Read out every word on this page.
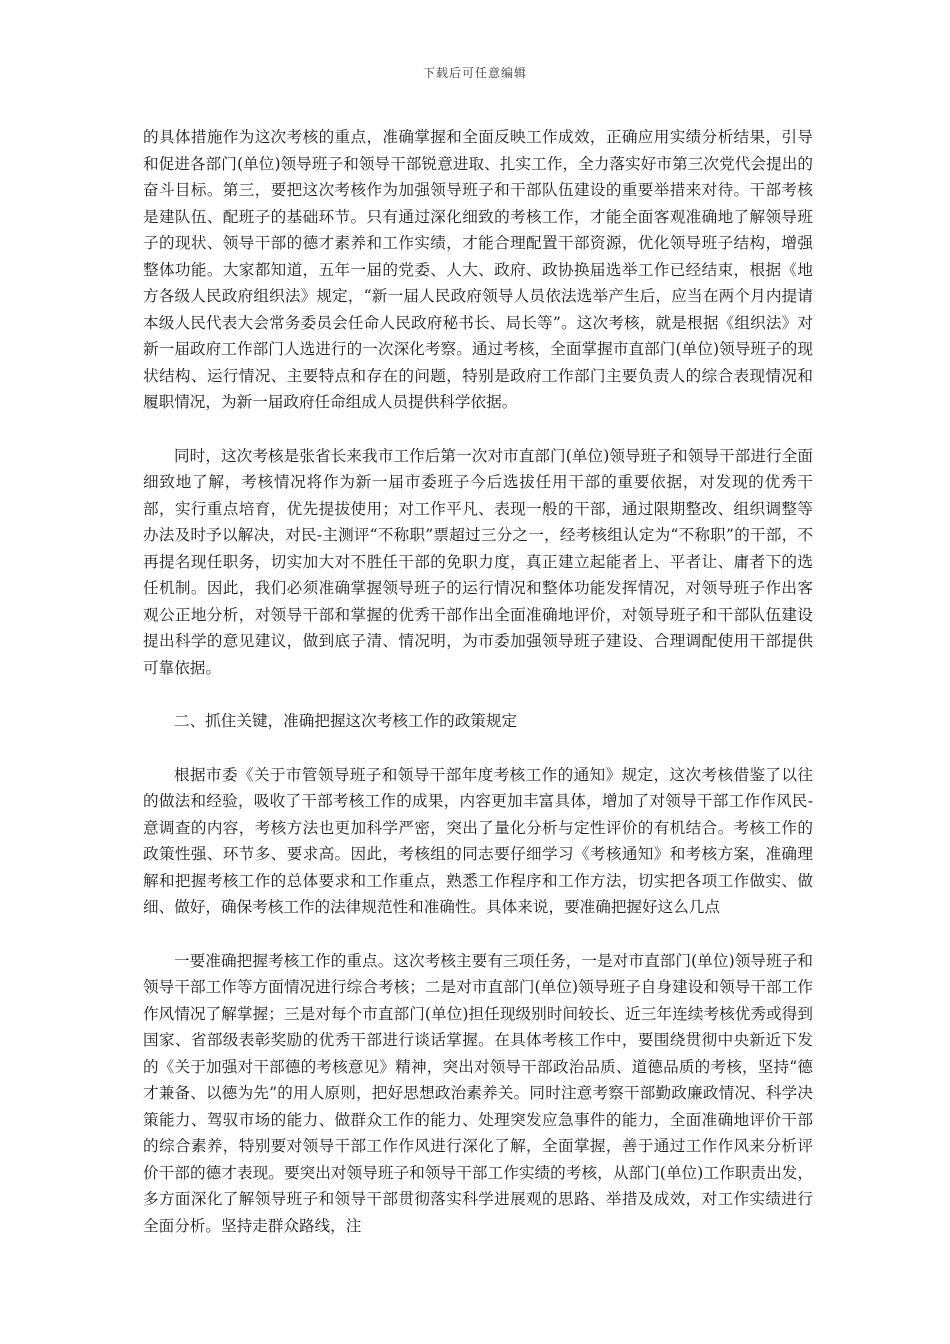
下载后可任意编辑

的具体措施作为这次考核的重点，准确掌握和全面反映工作成效，正确应用实绩分析结果，引导和促进各部门(单位)领导班子和领导干部锐意进取、扎实工作，全力落实好市第三次党代会提出的奋斗目标。第三，要把这次考核作为加强领导班子和干部队伍建设的重要举措来对待。干部考核是建队伍、配班子的基础环节。只有通过深化细致的考核工作，才能全面客观准确地了解领导班子的现状、领导干部的德才素养和工作实绩，才能合理配置干部资源，优化领导班子结构，增强整体功能。大家都知道，五年一届的党委、人大、政府、政协换届选举工作已经结束，根据《地方各级人民政府组织法》规定，“新一届人民政府领导人员依法选举产生后，应当在两个月内提请本级人民代表大会常务委员会任命人民政府秘书长、局长等”。这次考核，就是根据《组织法》对新一届政府工作部门人选进行的一次深化考察。通过考核，全面掌握市直部门(单位)领导班子的现状结构、运行情况、主要特点和存在的问题，特别是政府工作部门主要负责人的综合表现情况和履职情况，为新一届政府任命组成人员提供科学依据。

同时，这次考核是张省长来我市工作后第一次对市直部门(单位)领导班子和领导干部进行全面细致地了解，考核情况将作为新一届市委班子今后选拔任用干部的重要依据，对发现的优秀干部，实行重点培育，优先提拔使用；对工作平凡、表现一般的干部，通过限期整改、组织调整等办法及时予以解决，对民-主测评“不称职”票超过三分之一，经考核组认定为“不称职”的干部，不再提名现任职务，切实加大对不胜任干部的免职力度，真正建立起能者上、平者让、庸者下的选任机制。因此，我们必须准确掌握领导班子的运行情况和整体功能发挥情况，对领导班子作出客观公正地分析，对领导干部和掌握的优秀干部作出全面准确地评价，对领导班子和干部队伍建设提出科学的意见建议，做到底子清、情况明，为市委加强领导班子建设、合理调配使用干部提供可靠依据。

二、抓住关键，准确把握这次考核工作的政策规定

根据市委《关于市管领导班子和领导干部年度考核工作的通知》规定，这次考核借鉴了以往的做法和经验，吸收了干部考核工作的成果，内容更加丰富具体，增加了对领导干部工作作风民-意调查的内容，考核方法也更加科学严密，突出了量化分析与定性评价的有机结合。考核工作的政策性强、环节多、要求高。因此，考核组的同志要仔细学习《考核通知》和考核方案，准确理解和把握考核工作的总体要求和工作重点，熟悉工作程序和工作方法，切实把各项工作做实、做细、做好，确保考核工作的法律规范性和准确性。具体来说，要准确把握好这么几点

一要准确把握考核工作的重点。这次考核主要有三项任务，一是对市直部门(单位)领导班子和领导干部工作等方面情况进行综合考核；二是对市直部门(单位)领导班子自身建设和领导干部工作作风情况了解掌握；三是对每个市直部门(单位)担任现级别时间较长、近三年连续考核优秀或得到国家、省部级表彰奖励的优秀干部进行谈话掌握。在具体考核工作中，要围绕贯彻中央新近下发的《关于加强对干部德的考核意见》精神，突出对领导干部政治品质、道德品质的考核，坚持“德才兼备、以德为先”的用人原则，把好思想政治素养关。同时注意考察干部勤政廉政情况、科学决策能力、驾驭市场的能力、做群众工作的能力、处理突发应急事件的能力，全面准确地评价干部的综合素养，特别要对领导干部工作作风进行深化了解，全面掌握，善于通过工作作风来分析评价干部的德才表现。要突出对领导班子和领导干部工作实绩的考核，从部门(单位)工作职责出发，多方面深化了解领导班子和领导干部贯彻落实科学进展观的思路、举措及成效，对工作实绩进行全面分析。坚持走群众路线，注
